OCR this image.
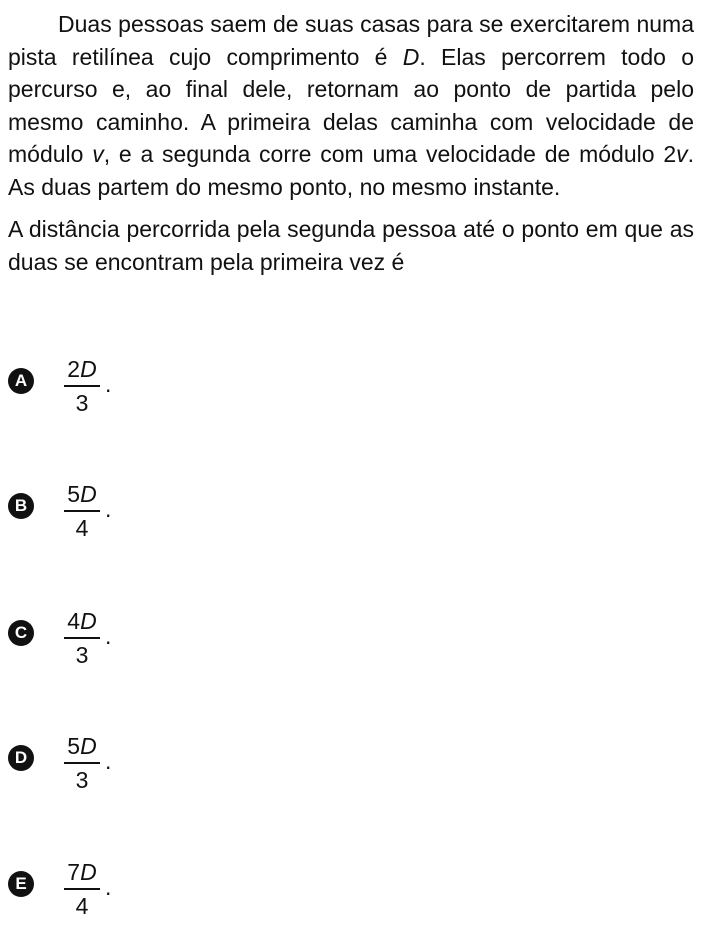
Duas pessoas saem de suas casas para se exercitarem numa pista retilínea cujo comprimento é D. Elas percorrem todo o percurso e, ao final dele, retornam ao ponto de partida pelo mesmo caminho. A primeira delas caminha com velocidade de módulo v, e a segunda corre com uma velocidade de módulo 2v. As duas partem do mesmo ponto, no mesmo instante.

A distância percorrida pela segunda pessoa até o ponto em que as duas se encontram pela primeira vez é

A 2D
3
.
B 5D
4
.
C 4D
3
.
D 5D
3
.
E	7D
4
.
